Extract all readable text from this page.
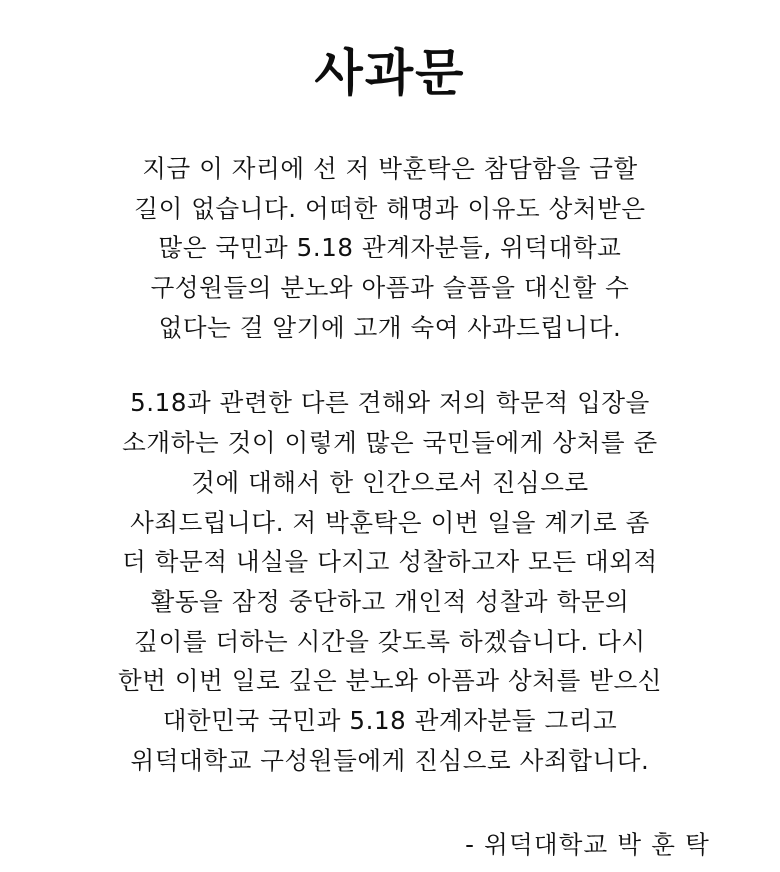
사과문
지금 이 자리에 선 저 박훈탁은 참담함을 금할
길이 없습니다. 어떠한 해명과 이유도 상처받은
많은 국민과 5.18 관계자분들, 위덕대학교
구성원들의 분노와 아픔과 슬픔을 대신할 수
없다는 걸 알기에 고개 숙여 사과드립니다.
5.18과 관련한 다른 견해와 저의 학문적 입장을
소개하는 것이 이렇게 많은 국민들에게 상처를 준
것에 대해서 한 인간으로서 진심으로
사죄드립니다. 저 박훈탁은 이번 일을 계기로 좀
더 학문적 내실을 다지고 성찰하고자 모든 대외적
활동을 잠정 중단하고 개인적 성찰과 학문의
깊이를 더하는 시간을 갖도록 하겠습니다. 다시
한번 이번 일로 깊은 분노와 아픔과 상처를 받으신
대한민국 국민과 5.18 관계자분들 그리고
위덕대학교 구성원들에게 진심으로 사죄합니다.
- 위덕대학교 박 훈 탁
